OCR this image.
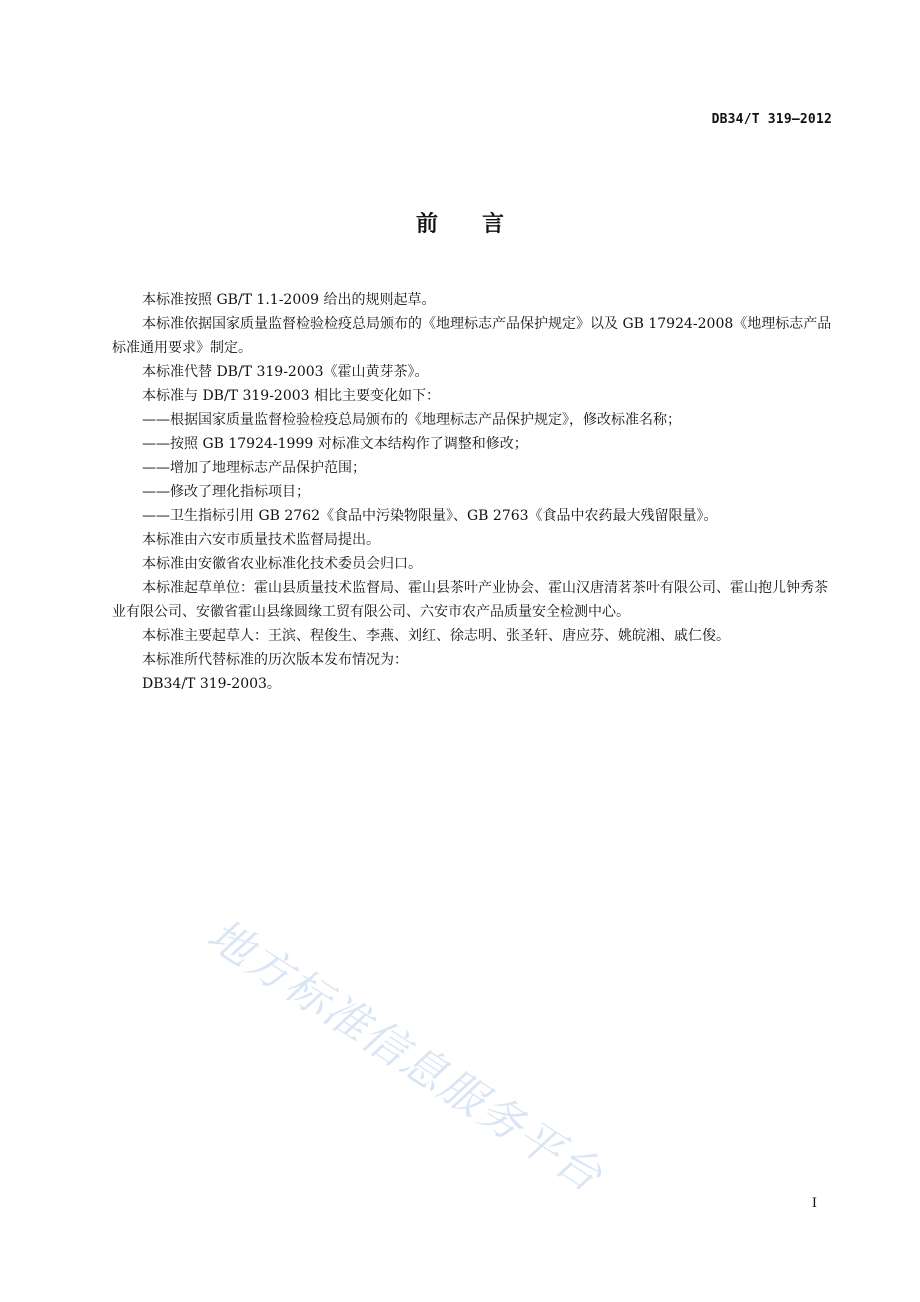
DB34/T 319—2012
前言

本标准按照 GB/T 1.1-2009 给出的规则起草。

本标准依据国家质量监督检验检疫总局颁布的《地理标志产品保护规定》以及 GB 17924-2008《地理标志产品标准通用要求》制定。

本标准代替 DB/T 319-2003《霍山黄芽茶》。

本标准与 DB/T 319-2003 相比主要变化如下：

——根据国家质量监督检验检疫总局颁布的《地理标志产品保护规定》，修改标准名称；

——按照 GB 17924-1999 对标准文本结构作了调整和修改；

——增加了地理标志产品保护范围；

——修改了理化指标项目；

——卫生指标引用 GB 2762《食品中污染物限量》、GB 2763《食品中农药最大残留限量》。

本标准由六安市质量技术监督局提出。

本标准由安徽省农业标准化技术委员会归口。

本标准起草单位：霍山县质量技术监督局、霍山县茶叶产业协会、霍山汉唐清茗茶叶有限公司、霍山抱儿钟秀茶业有限公司、安徽省霍山县缘圆缘工贸有限公司、六安市农产品质量安全检测中心。

本标准主要起草人：王滨、程俊生、李燕、刘红、徐志明、张圣轩、唐应芬、姚皖湘、戚仁俊。

本标准所代替标准的历次版本发布情况为：

DB34/T 319-2003。

地方标准信息服务平台
I
